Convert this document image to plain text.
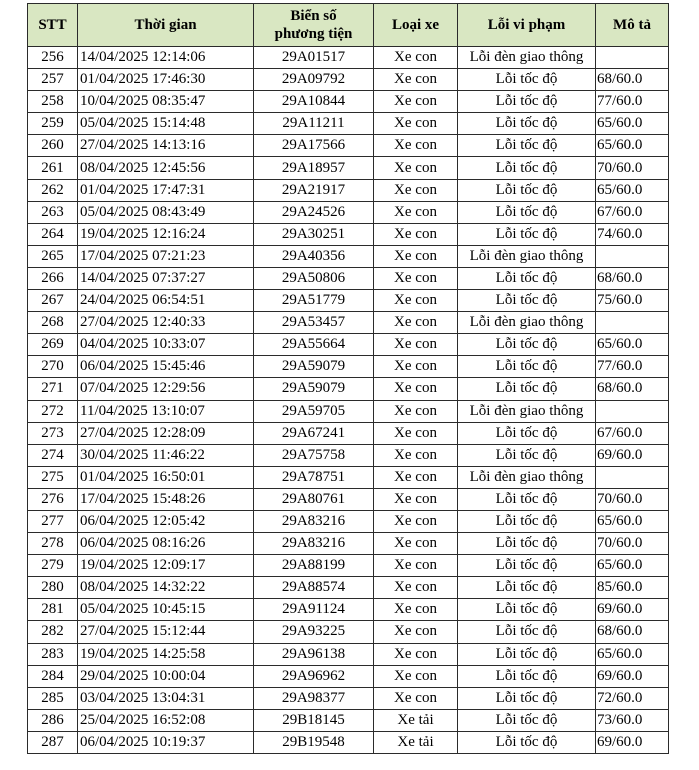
STT	Thời gian	Biển số
phương tiện	Loại xe	Lỗi vi phạm	Mô tả
256	14/04/2025 12:14:06	29A01517	Xe con	Lỗi đèn giao thông	
257	01/04/2025 17:46:30	29A09792	Xe con	Lỗi tốc độ	68/60.0
258	10/04/2025 08:35:47	29A10844	Xe con	Lỗi tốc độ	77/60.0
259	05/04/2025 15:14:48	29A11211	Xe con	Lỗi tốc độ	65/60.0
260	27/04/2025 14:13:16	29A17566	Xe con	Lỗi tốc độ	65/60.0
261	08/04/2025 12:45:56	29A18957	Xe con	Lỗi tốc độ	70/60.0
262	01/04/2025 17:47:31	29A21917	Xe con	Lỗi tốc độ	65/60.0
263	05/04/2025 08:43:49	29A24526	Xe con	Lỗi tốc độ	67/60.0
264	19/04/2025 12:16:24	29A30251	Xe con	Lỗi tốc độ	74/60.0
265	17/04/2025 07:21:23	29A40356	Xe con	Lỗi đèn giao thông	
266	14/04/2025 07:37:27	29A50806	Xe con	Lỗi tốc độ	68/60.0
267	24/04/2025 06:54:51	29A51779	Xe con	Lỗi tốc độ	75/60.0
268	27/04/2025 12:40:33	29A53457	Xe con	Lỗi đèn giao thông	
269	04/04/2025 10:33:07	29A55664	Xe con	Lỗi tốc độ	65/60.0
270	06/04/2025 15:45:46	29A59079	Xe con	Lỗi tốc độ	77/60.0
271	07/04/2025 12:29:56	29A59079	Xe con	Lỗi tốc độ	68/60.0
272	11/04/2025 13:10:07	29A59705	Xe con	Lỗi đèn giao thông	
273	27/04/2025 12:28:09	29A67241	Xe con	Lỗi tốc độ	67/60.0
274	30/04/2025 11:46:22	29A75758	Xe con	Lỗi tốc độ	69/60.0
275	01/04/2025 16:50:01	29A78751	Xe con	Lỗi đèn giao thông	
276	17/04/2025 15:48:26	29A80761	Xe con	Lỗi tốc độ	70/60.0
277	06/04/2025 12:05:42	29A83216	Xe con	Lỗi tốc độ	65/60.0
278	06/04/2025 08:16:26	29A83216	Xe con	Lỗi tốc độ	70/60.0
279	19/04/2025 12:09:17	29A88199	Xe con	Lỗi tốc độ	65/60.0
280	08/04/2025 14:32:22	29A88574	Xe con	Lỗi tốc độ	85/60.0
281	05/04/2025 10:45:15	29A91124	Xe con	Lỗi tốc độ	69/60.0
282	27/04/2025 15:12:44	29A93225	Xe con	Lỗi tốc độ	68/60.0
283	19/04/2025 14:25:58	29A96138	Xe con	Lỗi tốc độ	65/60.0
284	29/04/2025 10:00:04	29A96962	Xe con	Lỗi tốc độ	69/60.0
285	03/04/2025 13:04:31	29A98377	Xe con	Lỗi tốc độ	72/60.0
286	25/04/2025 16:52:08	29B18145	Xe tải	Lỗi tốc độ	73/60.0
287	06/04/2025 10:19:37	29B19548	Xe tải	Lỗi tốc độ	69/60.0
